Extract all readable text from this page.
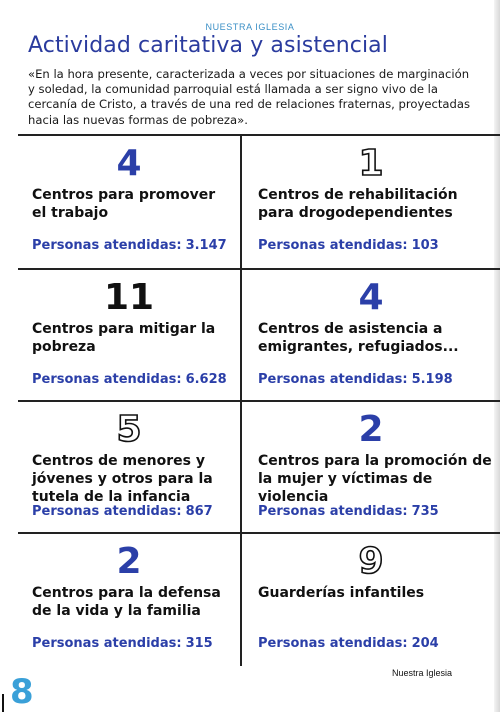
NUESTRA IGLESIA
Actividad caritativa y asistencial

«En la hora presente, caracterizada a veces por situaciones de marginación y soledad, la comunidad parroquial está llamada a ser signo vivo de la cercanía de Cristo, a través de una red de relaciones fraternas, proyectadas hacia las nuevas formas de pobreza».

4
Centros para promover el trabajo
Personas atendidas: 3.147
1
Centros de rehabilitación para drogodependientes
Personas atendidas: 103
11
Centros para mitigar la pobreza
Personas atendidas: 6.628
4
Centros de asistencia a emigrantes, refugiados...
Personas atendidas: 5.198
5
Centros de menores y jóvenes y otros para la tutela de la infancia
Personas atendidas: 867
2
Centros para la promoción de la mujer y víctimas de violencia
Personas atendidas: 735
2
Centros para la defensa de la vida y la familia
Personas atendidas: 315
9
Guarderías infantiles
Personas atendidas: 204
8	Nuestra Iglesia
